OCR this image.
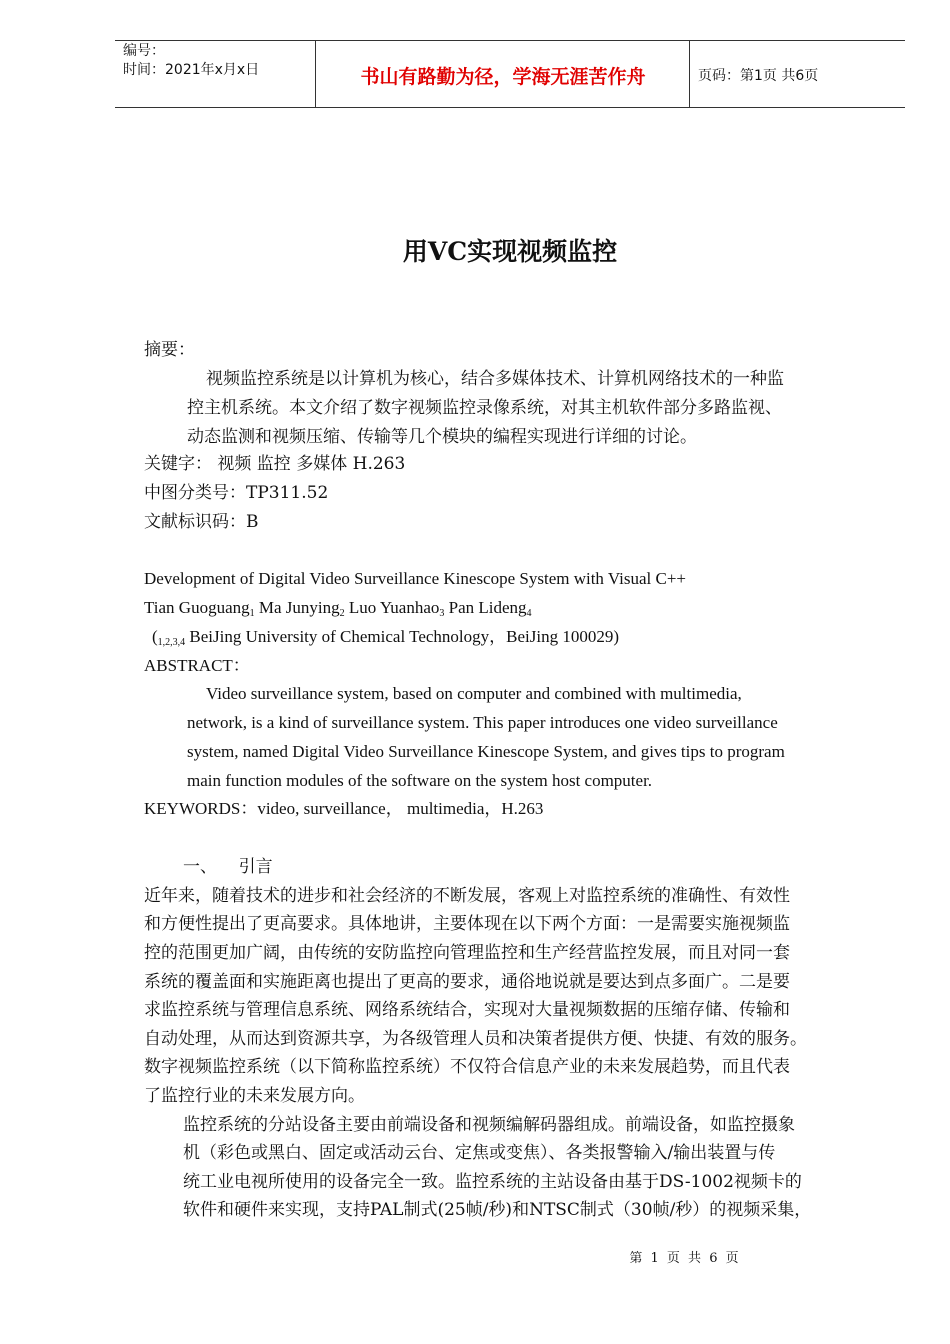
编号：
时间：2021年x月x日	书山有路勤为径，学海无涯苦作舟	页码：第1页 共6页
用VC实现视频监控
摘要：
视频监控系统是以计算机为核心，结合多媒体技术、计算机网络技术的一种监
控主机系统。本文介绍了数字视频监控录像系统，对其主机软件部分多路监视、
动态监测和视频压缩、传输等几个模块的编程实现进行详细的讨论。
关键字： 视频 监控 多媒体 H.263
中图分类号：TP311.52
文献标识码：B
Development of Digital Video Surveillance Kinescope System with Visual C++
Tian Guoguang$_1$ Ma Junying$_2$ Luo Yuanhao$_3$ Pan Lideng$_4$
($_{1,2,3,4}$ BeiJing University of Chemical Technology，BeiJing 100029)
ABSTRACT：
Video surveillance system, based on computer and combined with multimedia,
network, is a kind of surveillance system. This paper introduces one video surveillance
system, named Digital Video Surveillance Kinescope System, and gives tips to program
main function modules of the software on the system host computer.
KEYWORDS：video, surveillance， multimedia，H.263
一、    引言
近年来，随着技术的进步和社会经济的不断发展，客观上对监控系统的准确性、有效性
和方便性提出了更高要求。具体地讲，主要体现在以下两个方面：一是需要实施视频监
控的范围更加广阔，由传统的安防监控向管理监控和生产经营监控发展，而且对同一套
系统的覆盖面和实施距离也提出了更高的要求，通俗地说就是要达到点多面广。二是要
求监控系统与管理信息系统、网络系统结合，实现对大量视频数据的压缩存储、传输和
自动处理，从而达到资源共享，为各级管理人员和决策者提供方便、快捷、有效的服务。
数字视频监控系统（以下简称监控系统）不仅符合信息产业的未来发展趋势，而且代表
了监控行业的未来发展方向。
监控系统的分站设备主要由前端设备和视频编解码器组成。前端设备，如监控摄象
机（彩色或黑白、固定或活动云台、定焦或变焦）、各类报警输入/输出装置与传
统工业电视所使用的设备完全一致。监控系统的主站设备由基于DS-1002视频卡的
软件和硬件来实现，支持PAL制式(25帧/秒)和NTSC制式（30帧/秒）的视频采集，
第 1 页 共 6 页
